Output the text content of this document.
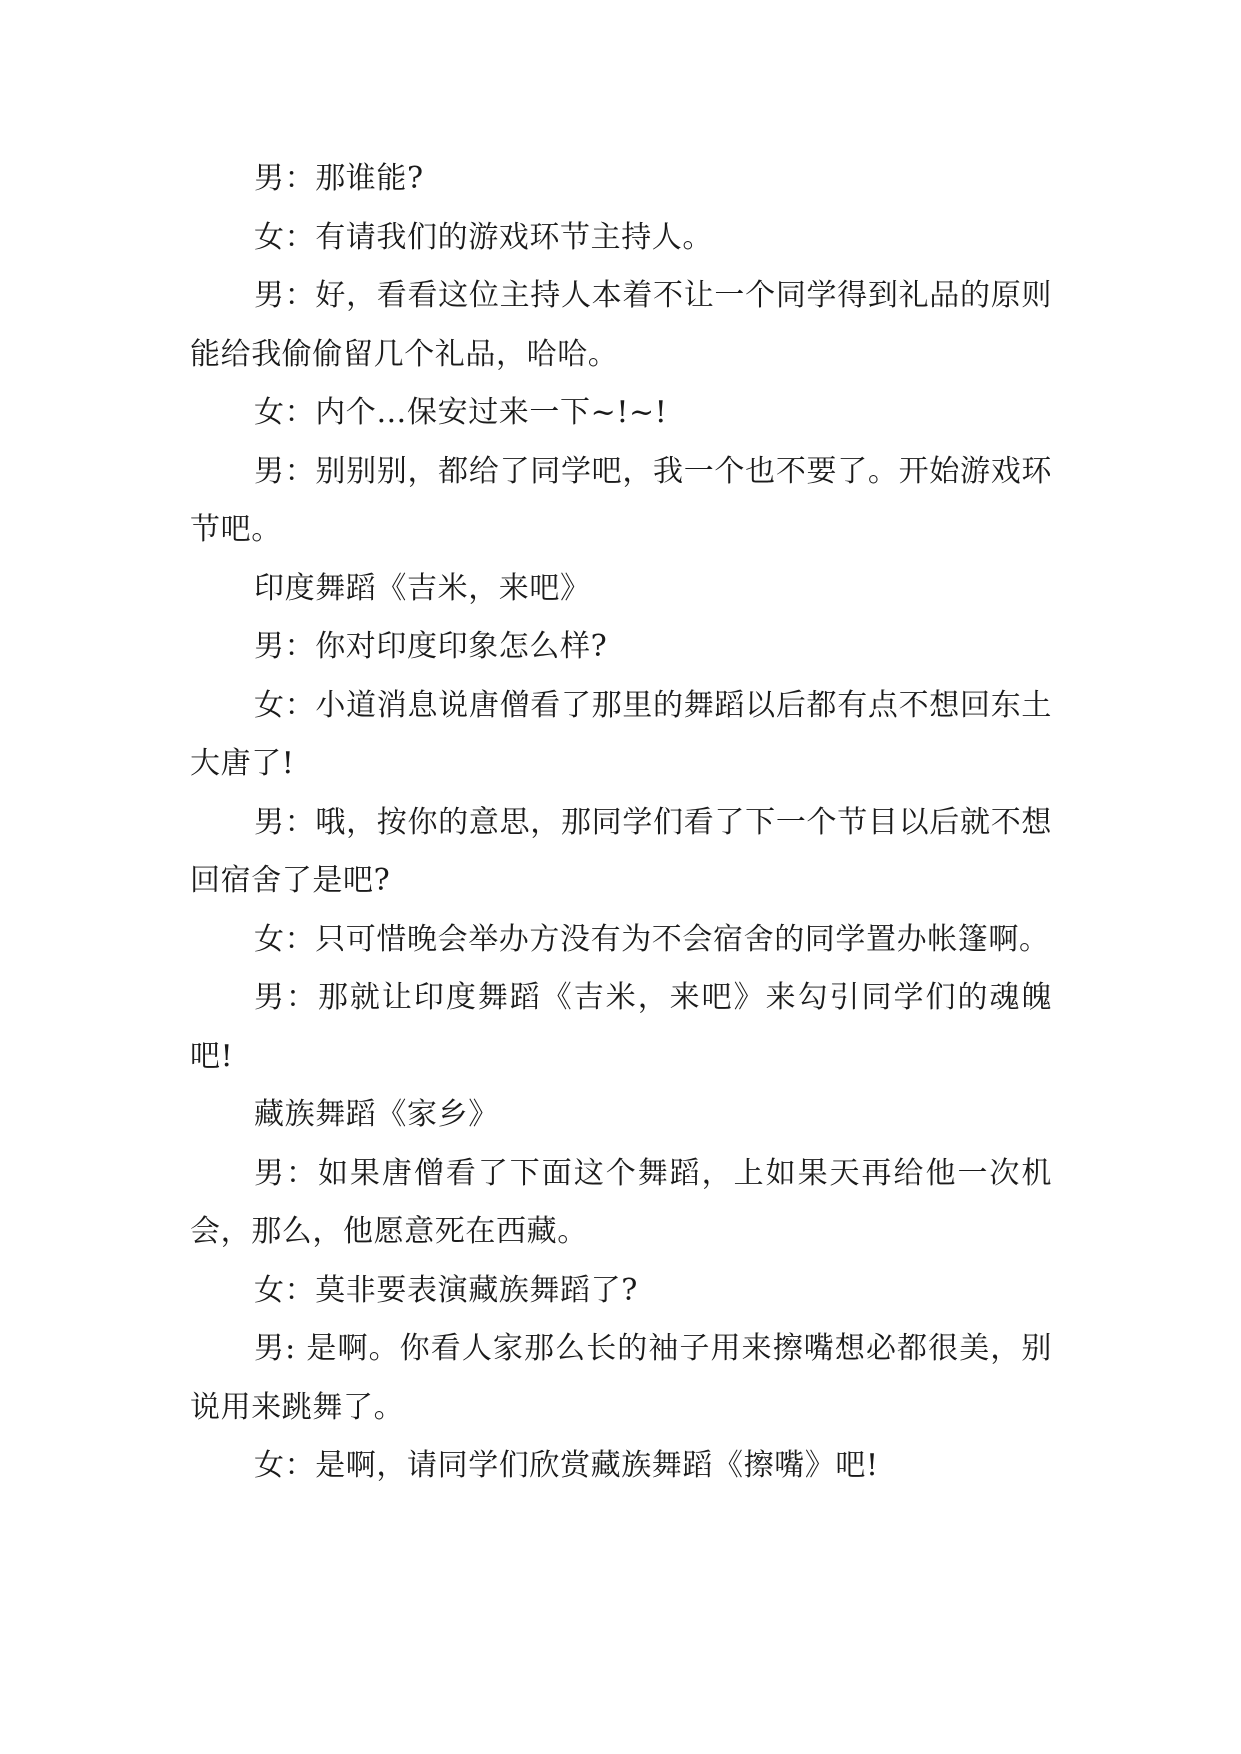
男：那谁能?

女：有请我们的游戏环节主持人。

男：好，看看这位主持人本着不让一个同学得到礼品的原则能给我偷偷留几个礼品，哈哈。

女：内个…保安过来一下~!~!

男：别别别，都给了同学吧，我一个也不要了。开始游戏环节吧。

印度舞蹈《吉米，来吧》

男：你对印度印象怎么样?

女：小道消息说唐僧看了那里的舞蹈以后都有点不想回东土大唐了!

男：哦，按你的意思，那同学们看了下一个节目以后就不想回宿舍了是吧?

女：只可惜晚会举办方没有为不会宿舍的同学置办帐篷啊。

男：那就让印度舞蹈《吉米，来吧》来勾引同学们的魂魄吧!

藏族舞蹈《家乡》

男：如果唐僧看了下面这个舞蹈，上如果天再给他一次机会，那么，他愿意死在西藏。

女：莫非要表演藏族舞蹈了?

男: 是啊。你看人家那么长的袖子用来擦嘴想必都很美，别说用来跳舞了。

女：是啊，请同学们欣赏藏族舞蹈《擦嘴》吧!
